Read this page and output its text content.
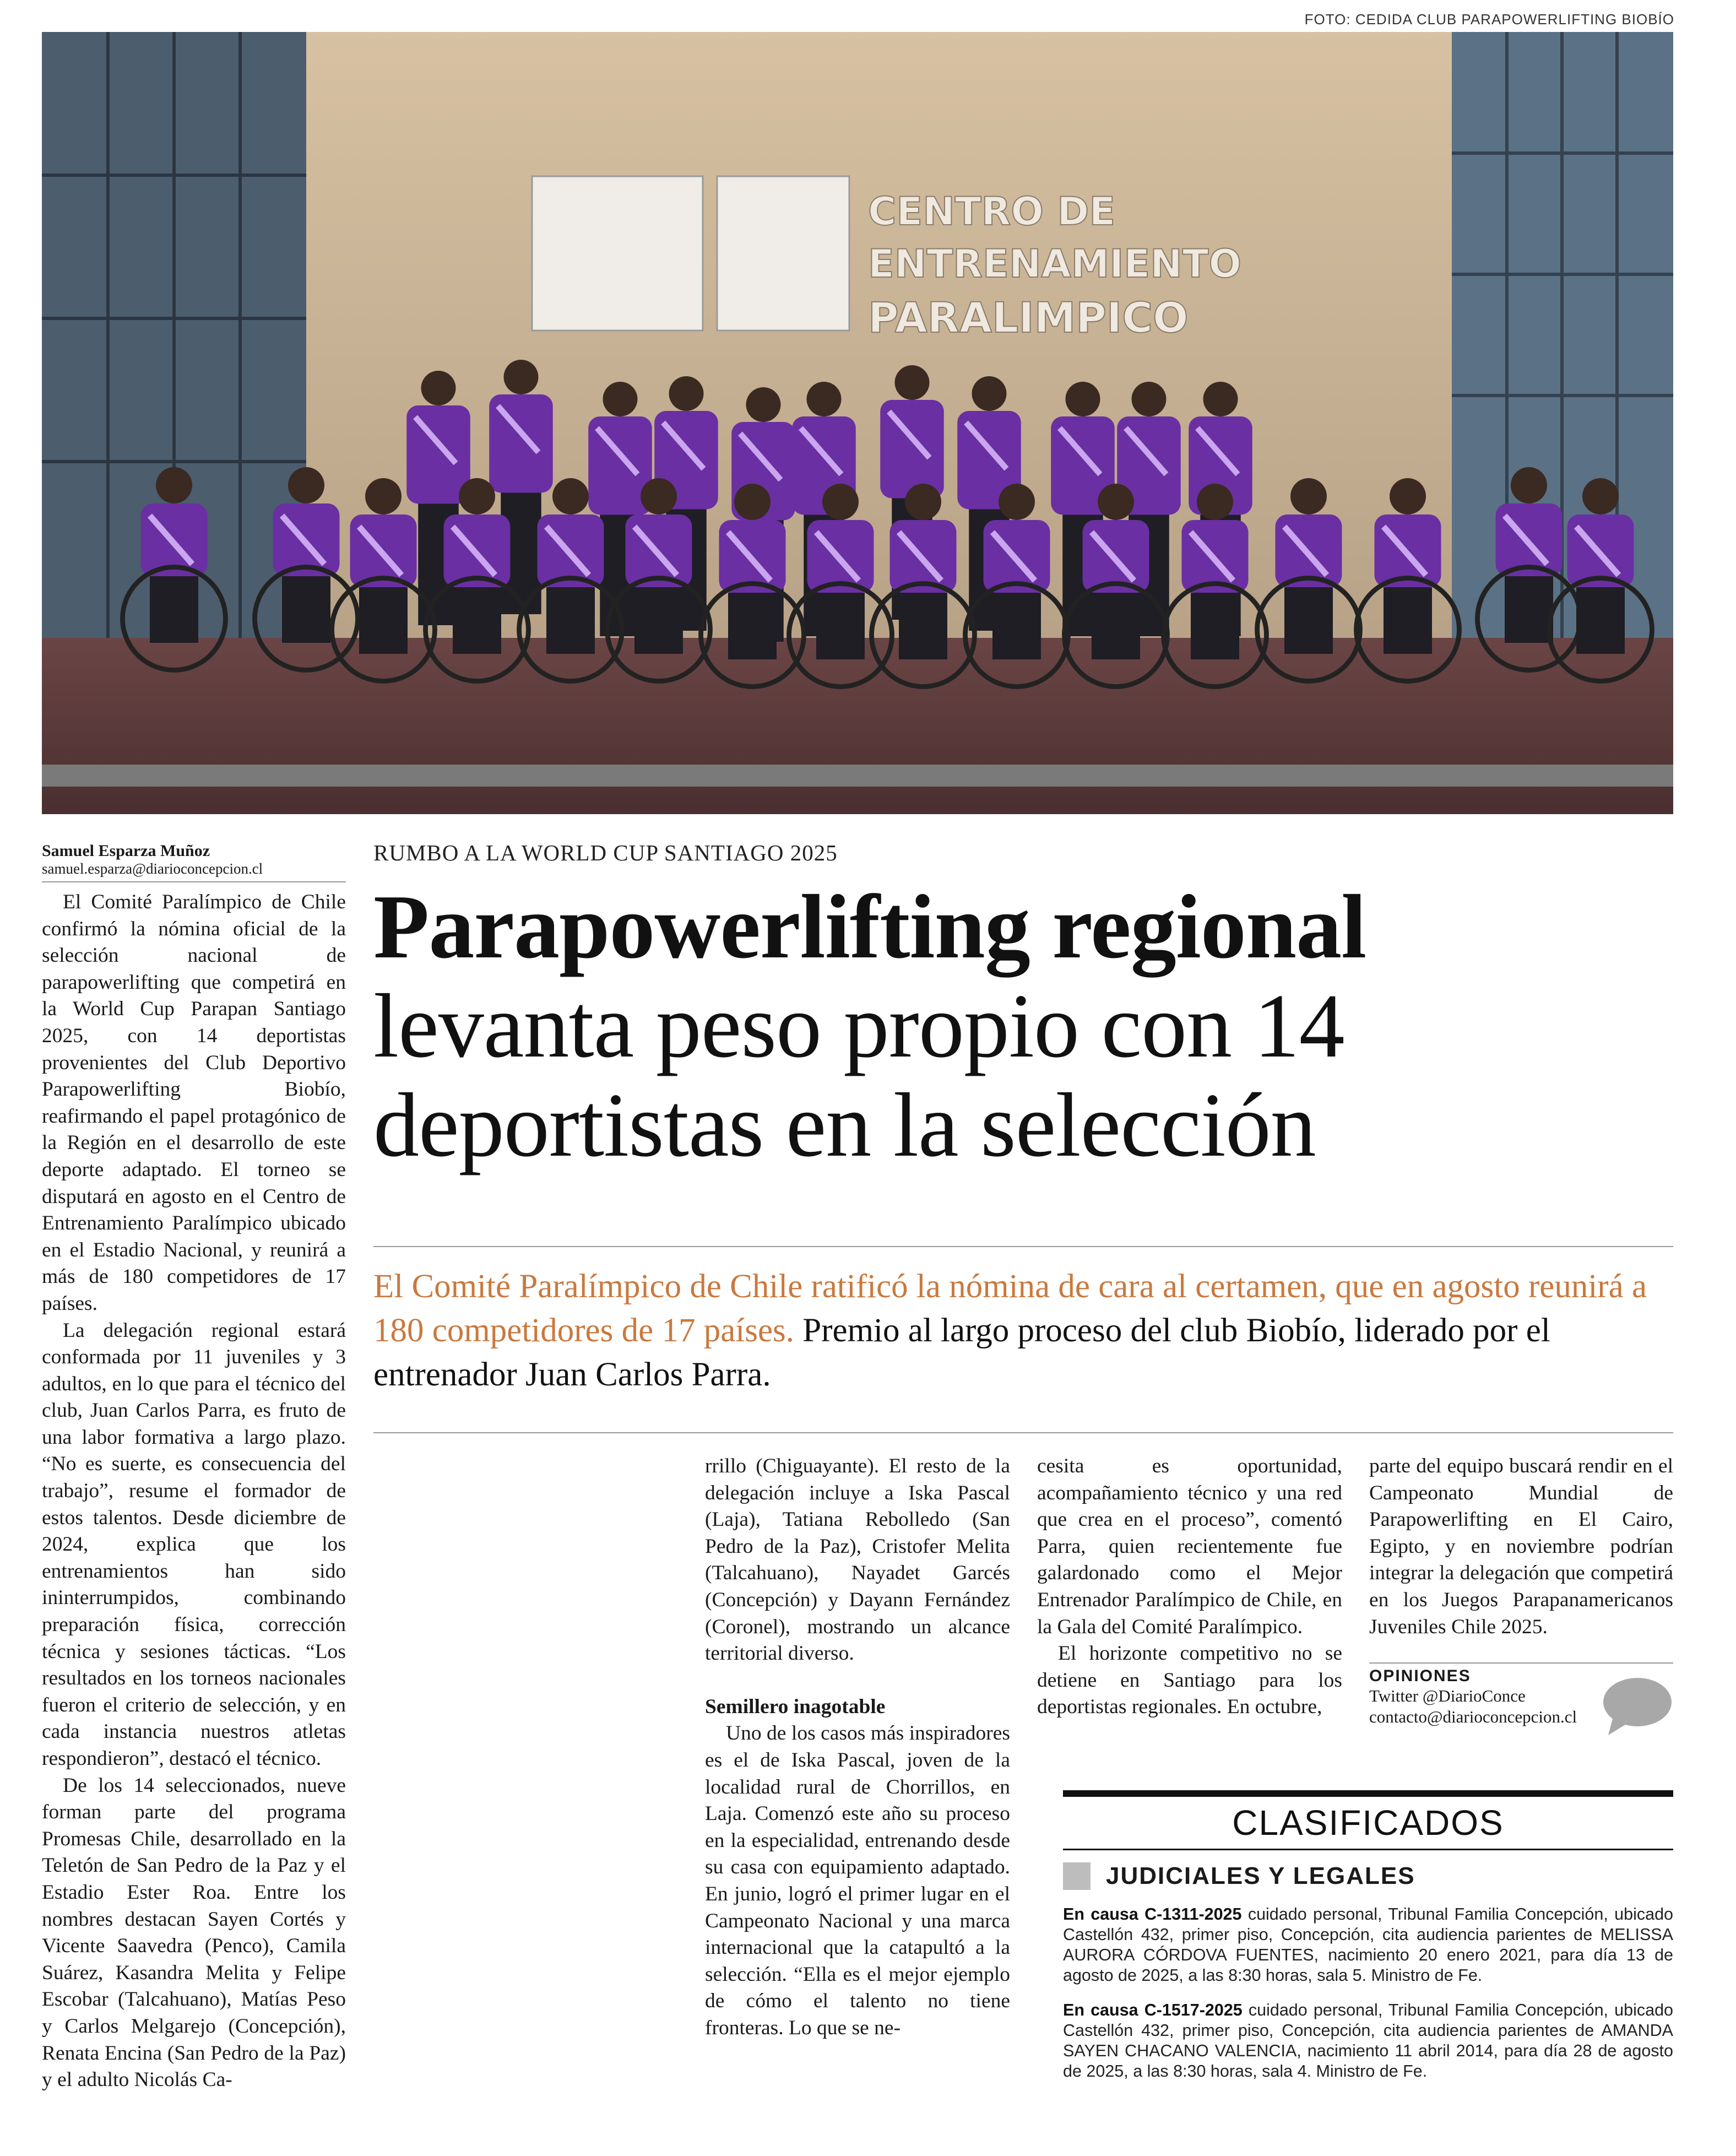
FOTO: CEDIDA CLUB PARAPOWERLIFTING BIOBÍO
CENTRO DE
ENTRENAMIENTO
PARALIMPICO
Samuel Esparza Muñoz
samuel.esparza@diarioconcepcion.cl

El Comité Paralímpico de Chile confirmó la nómina oficial de la selección nacional de parapowerlifting que competirá en la World Cup Parapan Santiago 2025, con 14 deportistas provenientes del Club Deportivo Parapowerlifting Biobío, reafirmando el papel protagónico de la Región en el desarrollo de este deporte adaptado. El torneo se disputará en agosto en el Centro de Entrenamiento Paralímpico ubicado en el Estadio Nacional, y reunirá a más de 180 competidores de 17 países.

La delegación regional estará conformada por 11 juveniles y 3 adultos, en lo que para el técnico del club, Juan Carlos Parra, es fruto de una labor formativa a largo plazo. “No es suerte, es consecuencia del trabajo”, resume el formador de estos talentos. Desde diciembre de 2024, explica que los entrenamientos han sido ininterrumpidos, combinando preparación física, corrección técnica y sesiones tácticas. “Los resultados en los torneos nacionales fueron el criterio de selección, y en cada instancia nuestros atletas respondieron”, destacó el técnico.

De los 14 seleccionados, nueve forman parte del programa Promesas Chile, desarrollado en la Teletón de San Pedro de la Paz y el Estadio Ester Roa. Entre los nombres destacan Sayen Cortés y Vicente Saavedra (Penco), Camila Suárez, Kasandra Melita y Felipe Escobar (Talcahuano), Matías Peso y Carlos Melgarejo (Concepción), Renata Encina (San Pedro de la Paz) y el adulto Nicolás Ca-

RUMBO A LA WORLD CUP SANTIAGO 2025
Parapowerlifting regional
levanta peso propio con 14 deportistas en la selección
El Comité Paralímpico de Chile ratificó la nómina de cara al certamen, que en agosto reunirá a 180 competidores de 17 países. Premio al largo proceso del club Biobío, liderado por el entrenador Juan Carlos Parra.

rrillo (Chiguayante). El resto de la delegación incluye a Iska Pascal (Laja), Tatiana Rebolledo (San Pedro de la Paz), Cristofer Melita (Talcahuano), Nayadet Garcés (Concepción) y Dayann Fernández (Coronel), mostrando un alcance territorial diverso.

Semillero inagotable

Uno de los casos más inspiradores es el de Iska Pascal, joven de la localidad rural de Chorrillos, en Laja. Comenzó este año su proceso en la especialidad, entrenando desde su casa con equipamiento adaptado. En junio, logró el primer lugar en el Campeonato Nacional y una marca internacional que la catapultó a la selección. “Ella es el mejor ejemplo de cómo el talento no tiene fronteras. Lo que se ne-

cesita es oportunidad, acompañamiento técnico y una red que crea en el proceso”, comentó Parra, quien recientemente fue galardonado como el Mejor Entrenador Paralímpico de Chile, en la Gala del Comité Paralímpico.

El horizonte competitivo no se detiene en Santiago para los deportistas regionales. En octubre,

parte del equipo buscará rendir en el Campeonato Mundial de Parapowerlifting en El Cairo, Egipto, y en noviembre podrían integrar la delegación que competirá en los Juegos Parapanamericanos Juveniles Chile 2025.

OPINIONES
Twitter @DiarioConce
contacto@diarioconcepcion.cl
CLASIFICADOS
JUDICIALES Y LEGALES
En causa C-1311-2025 cuidado personal, Tribunal Familia Concepción, ubicado Castellón 432, primer piso, Concepción, cita audiencia parientes de MELISSA AURORA CÓRDOVA FUENTES, nacimiento 20 enero 2021, para día 13 de agosto de 2025, a las 8:30 horas, sala 5. Ministro de Fe.
En causa C-1517-2025 cuidado personal, Tribunal Familia Concepción, ubicado Castellón 432, primer piso, Concepción, cita audiencia parientes de AMANDA SAYEN CHACANO VALENCIA, nacimiento 11 abril 2014, para día 28 de agosto de 2025, a las 8:30 horas, sala 4. Ministro de Fe.
